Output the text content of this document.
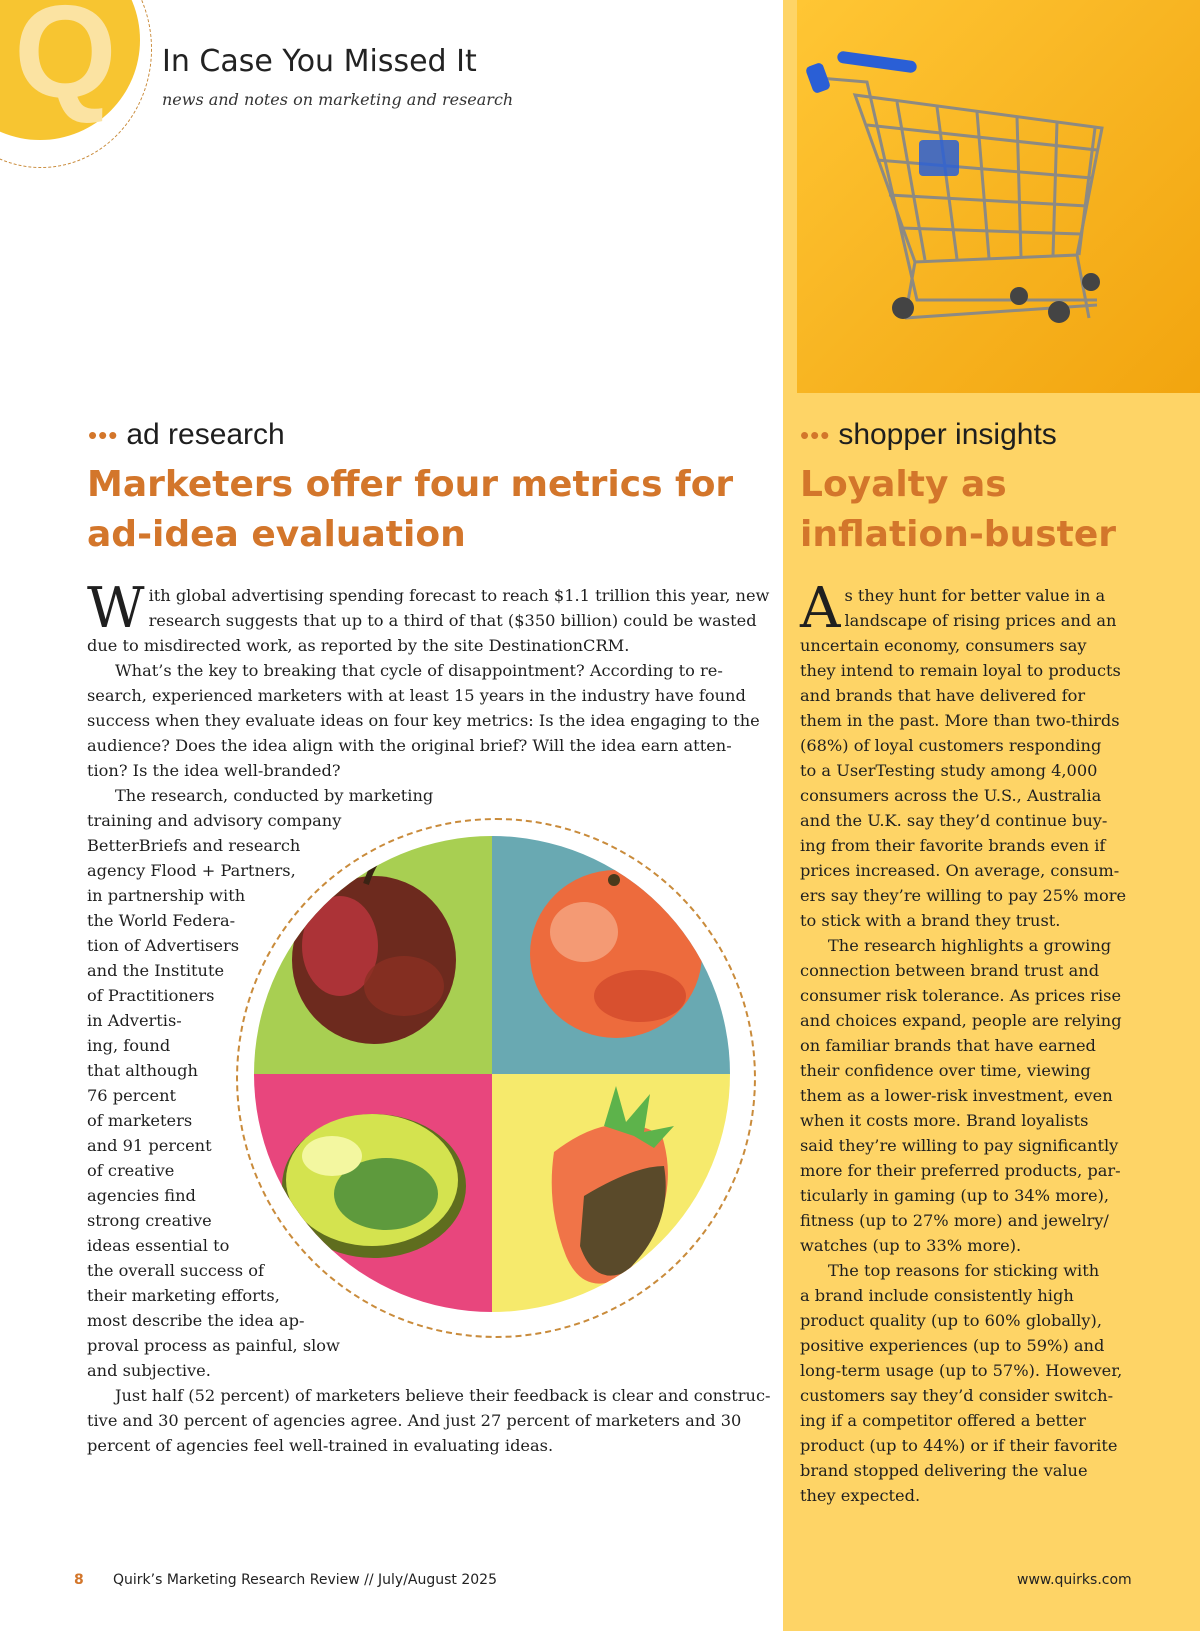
Q In Case You Missed It
news and notes on marketing and research
••• ad research
Marketers offer four metrics for
ad-idea evaluation
W ith global advertising spending forecast to reach $1.1 trillion this year, new
research suggests that up to a third of that ($350 billion) could be wasted
due to misdirected work, as reported by the site DestinationCRM.
What’s the key to breaking that cycle of disappointment? According to re-
search, experienced marketers with at least 15 years in the industry have found
success when they evaluate ideas on four key metrics: Is the idea engaging to the
audience? Does the idea align with the original brief? Will the idea earn atten-
tion? Is the idea well-branded?
The research, conducted by marketing
training and advisory company
BetterBriefs and research
agency Flood + Partners,
in partnership with
the World Federa-
tion of Advertisers
and the Institute
of Practitioners
in Advertis-
ing, found
that although
76 percent
of marketers
and 91 percent
of creative
agencies find
strong creative
ideas essential to
the overall success of
their marketing efforts,
most describe the idea ap-
proval process as painful, slow
and subjective.
Just half (52 percent) of marketers believe their feedback is clear and construc-
tive and 30 percent of agencies agree. And just 27 percent of marketers and 30
percent of agencies feel well-trained in evaluating ideas.
••• shopper insights
Loyalty as
inflation-buster
A s they hunt for better value in a
landscape of rising prices and an
uncertain economy, consumers say
they intend to remain loyal to products
and brands that have delivered for
them in the past. More than two-thirds
(68%) of loyal customers responding
to a UserTesting study among 4,000
consumers across the U.S., Australia
and the U.K. say they’d continue buy-
ing from their favorite brands even if
prices increased. On average, consum-
ers say they’re willing to pay 25% more
to stick with a brand they trust.
The research highlights a growing
connection between brand trust and
consumer risk tolerance. As prices rise
and choices expand, people are relying
on familiar brands that have earned
their confidence over time, viewing
them as a lower-risk investment, even
when it costs more. Brand loyalists
said they’re willing to pay significantly
more for their preferred products, par-
ticularly in gaming (up to 34% more),
fitness (up to 27% more) and jewelry/
watches (up to 33% more).
The top reasons for sticking with
a brand include consistently high
product quality (up to 60% globally),
positive experiences (up to 59%) and
long-term usage (up to 57%). However,
customers say they’d consider switch-
ing if a competitor offered a better
product (up to 44%) or if their favorite
brand stopped delivering the value
they expected.
8 Quirk’s Marketing Research Review // July/August 2025	www.quirks.com
